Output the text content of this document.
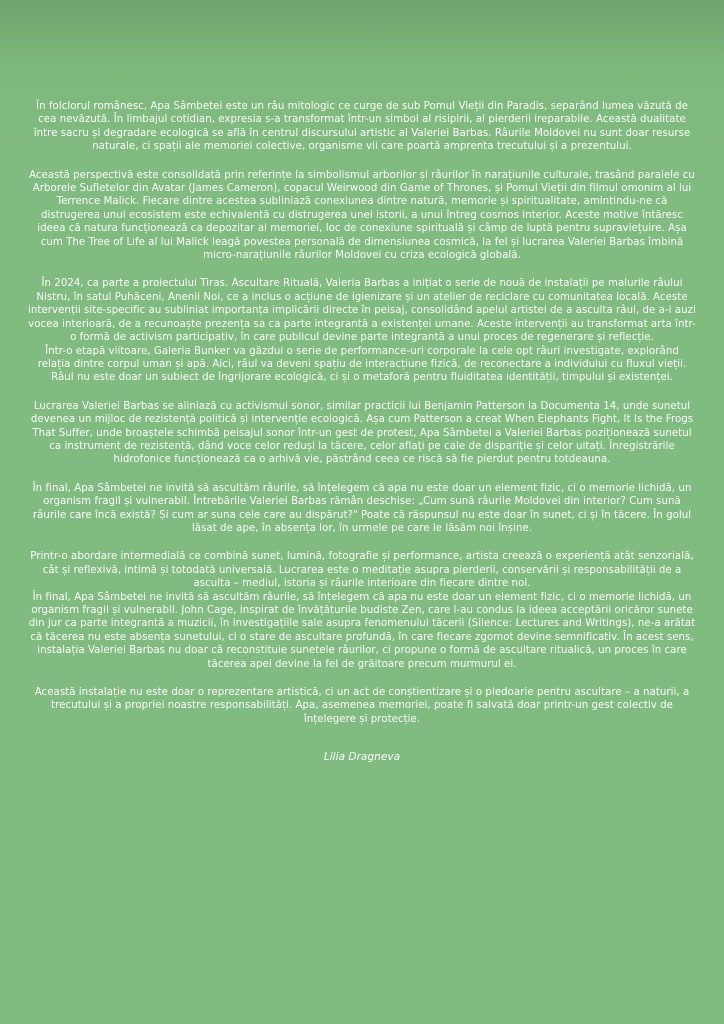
În folclorul românesc, Apa Sâmbetei este un râu mitologic ce curge de sub Pomul Vieții din Paradis, separând lumea văzută de cea nevăzută. În limbajul cotidian, expresia s-a transformat într-un simbol al risipirii, al pierderii ireparabile. Această dualitate între sacru și degradare ecologică se află în centrul discursului artistic al Valeriei Barbas. Râurile Moldovei nu sunt doar resurse naturale, ci spații ale memoriei colective, organisme vii care poartă amprenta trecutului și a prezentului.

Această perspectivă este consolidată prin referințe la simbolismul arborilor și râurilor în narațiunile culturale, trasând paralele cu Arborele Sufletelor din Avatar (James Cameron), copacul Weirwood din Game of Thrones, și Pomul Vieții din filmul omonim al lui Terrence Malick. Fiecare dintre acestea subliniază conexiunea dintre natură, memorie și spiritualitate, amintindu-ne că distrugerea unui ecosistem este echivalentă cu distrugerea unei istorii, a unui întreg cosmos interior. Aceste motive întăresc ideea că natura funcționează ca depozitar al memoriei, loc de conexiune spirituală și câmp de luptă pentru supraviețuire. Așa cum The Tree of Life al lui Malick leagă povestea personală de dimensiunea cosmică, la fel și lucrarea Valeriei Barbas îmbină micro-narațiunile râurilor Moldovei cu criza ecologică globală.

În 2024, ca parte a proiectului Tiras. Ascultare Rituală, Valeria Barbas a inițiat o serie de nouă de instalații pe malurile râului Nistru, în satul Puhăceni, Anenii Noi, ce a inclus o acțiune de igienizare și un atelier de reciclare cu comunitatea locală. Aceste intervenții site-specific au subliniat importanța implicării directe în peisaj, consolidând apelul artistei de a asculta râul, de a-i auzi vocea interioară, de a recunoaște prezența sa ca parte integrantă a existenței umane. Aceste intervenții au transformat arta într-o formă de activism participativ, în care publicul devine parte integrantă a unui proces de regenerare și reflecție.

Într-o etapă viitoare, Galeria Bunker va găzdui o serie de performance-uri corporale la cele opt râuri investigate, explorând relația dintre corpul uman și apă. Aici, râul va deveni spațiu de interacțiune fizică, de reconectare a individului cu fluxul vieții. Râul nu este doar un subiect de îngrijorare ecologică, ci și o metaforă pentru fluiditatea identității, timpului și existenței.

Lucrarea Valeriei Barbas se aliniază cu activismul sonor, similar practicii lui Benjamin Patterson la Documenta 14, unde sunetul devenea un mijloc de rezistență politică și intervenție ecologică. Așa cum Patterson a creat When Elephants Fight, It Is the Frogs That Suffer, unde broaștele schimbă peisajul sonor într-un gest de protest, Apa Sâmbetei a Valeriei Barbas poziționează sunetul ca instrument de rezistență, dând voce celor reduși la tăcere, celor aflați pe cale de dispariție și celor uitați. Înregistrările hidrofonice funcționează ca o arhivă vie, păstrând ceea ce riscă să fie pierdut pentru totdeauna.

În final, Apa Sâmbetei ne invită să ascultăm râurile, să înțelegem că apa nu este doar un element fizic, ci o memorie lichidă, un organism fragil și vulnerabil. Întrebările Valeriei Barbas rămân deschise: „Cum sună râurile Moldovei din interior? Cum sună râurile care încă există? Și cum ar suna cele care au dispărut?" Poate că răspunsul nu este doar în sunet, ci și în tăcere. În golul lăsat de ape, în absența lor, în urmele pe care le lăsăm noi înșine.

Printr-o abordare intermedială ce combină sunet, lumină, fotografie și performance, artista creează o experiență atât senzorială, cât și reflexivă, intimă și totodată universală. Lucrarea este o meditație asupra pierderii, conservării și responsabilității de a asculta – mediul, istoria și râurile interioare din fiecare dintre noi.

În final, Apa Sâmbetei ne invită să ascultăm râurile, să înțelegem că apa nu este doar un element fizic, ci o memorie lichidă, un organism fragil și vulnerabil. John Cage, inspirat de învățăturile budiste Zen, care l-au condus la ideea acceptării oricăror sunete din jur ca parte integrantă a muzicii, în investigațiile sale asupra fenomenului tăcerii (Silence: Lectures and Writings), ne-a arătat că tăcerea nu este absența sunetului, ci o stare de ascultare profundă, în care fiecare zgomot devine semnificativ. În acest sens, instalația Valeriei Barbas nu doar că reconstituie sunetele râurilor, ci propune o formă de ascultare ritualică, un proces în care tăcerea apei devine la fel de grăitoare precum murmurul ei.

Această instalație nu este doar o reprezentare artistică, ci un act de conștientizare și o pledoarie pentru ascultare – a naturii, a trecutului și a propriei noastre responsabilități. Apa, asemenea memoriei, poate fi salvată doar printr-un gest colectiv de înțelegere și protecție.

Lilia Dragneva
